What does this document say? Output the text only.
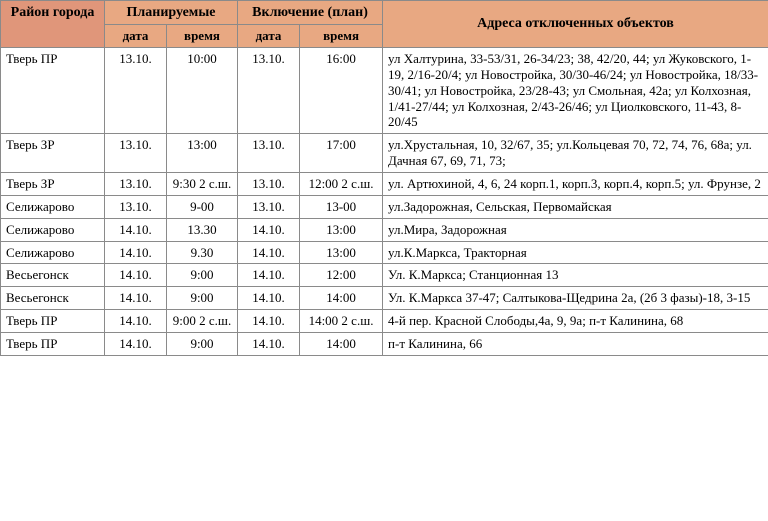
Район города	Планируемые		Включение (план)		Адреса отключенных объектов
	дата	время	дата	время	
Тверь ПР	13.10.	10:00	13.10.	16:00	ул Халтурина, 33-53/31, 26-34/23; 38, 42/20, 44; ул Жуковского, 1-19, 2/16-20/4; ул Новостройка, 30/30-46/24; ул Новостройка, 18/33-30/41; ул Новостройка, 23/28-43; ул Смольная, 42а; ул Колхозная, 1/41-27/44; ул Колхозная, 2/43-26/46; ул Циолковского, 11-43, 8-20/45
Тверь ЗР	13.10.	13:00	13.10.	17:00	ул.Хрустальная, 10, 32/67, 35; ул.Кольцевая 70, 72, 74, 76, 68а; ул. Дачная 67, 69, 71, 73;
Тверь ЗР	13.10.	9:30 2 с.ш.	13.10.	12:00 2 с.ш.	ул. Артюхиной, 4, 6, 24 корп.1, корп.3, корп.4, корп.5; ул. Фрунзе, 2
Селижарово	13.10.	9-00	13.10.	13-00	ул.Задорожная, Сельская, Первомайская
Селижарово	14.10.	13.30	14.10.	13:00	ул.Мира, Задорожная
Селижарово	14.10.	9.30	14.10.	13:00	ул.К.Маркса, Тракторная
Весьегонск	14.10.	9:00	14.10.	12:00	Ул. К.Маркса; Станционная 13
Весьегонск	14.10.	9:00	14.10.	14:00	Ул. К.Маркса 37-47; Салтыкова-Щедрина 2а, (2б 3 фазы)-18, 3-15
Тверь ПР	14.10.	9:00 2 с.ш.	14.10.	14:00 2 с.ш.	4-й пер. Красной Слободы,4а, 9, 9а; п-т Калинина, 68
Тверь ПР	14.10.	9:00	14.10.	14:00	п-т Калинина, 66
